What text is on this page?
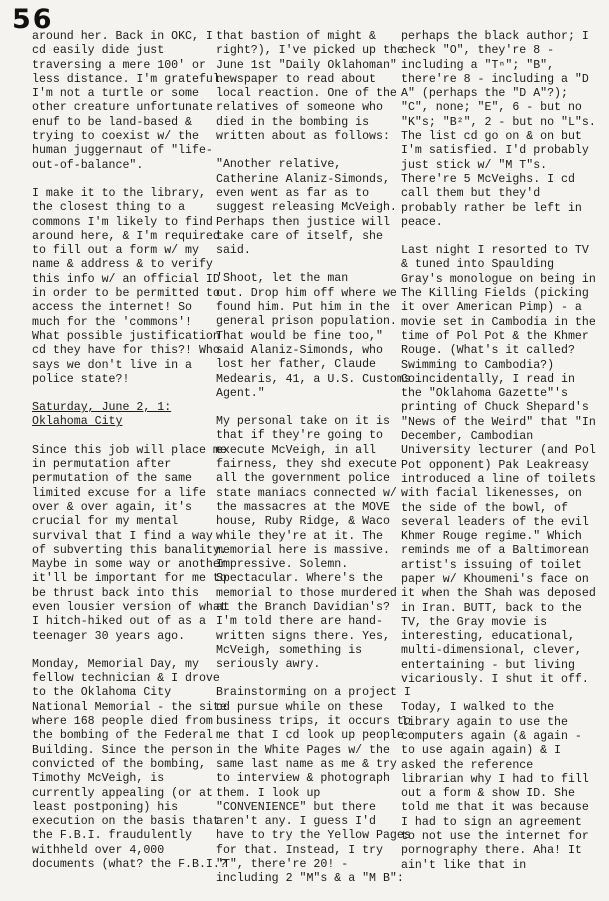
56
around her. Back in OKC, I
cd easily dide just
traversing a mere 100' or
less distance. I'm grateful
I'm not a turtle or some
other creature unfortunate
enuf to be land-based &
trying to coexist w/ the
human juggernaut of "life-
out-of-balance".
I make it to the library,
the closest thing to a
commons I'm likely to find
around here, & I'm required
to fill out a form w/ my
name & address & to verify
this info w/ an official ID
in order to be permitted to
access the internet! So
much for the 'commons'!
What possible justification
cd they have for this?! Who
says we don't live in a
police state?!
Saturday, June 2, 1:
Oklahoma City
Since this job will place me
in permutation after
permutation of the same
limited excuse for a life
over & over again, it's
crucial for my mental
survival that I find a way
of subverting this banality.
Maybe in some way or another
it'll be important for me to
be thrust back into this
even lousier version of what
I hitch-hiked out of as a
teenager 30 years ago.
Monday, Memorial Day, my
fellow technician & I drove
to the Oklahoma City
National Memorial - the site
where 168 people died from
the bombing of the Federal
Building. Since the person
convicted of the bombing,
Timothy McVeigh, is
currently appealing (or at
least postponing) his
execution on the basis that
the F.B.I. fraudulently
withheld over 4,000
documents (what? the F.B.I.?
that bastion of might &
right?), I've picked up the
June 1st "Daily Oklahoman"
newspaper to read about
local reaction. One of the
relatives of someone who
died in the bombing is
written about as follows:
"Another relative,
Catherine Alaniz-Simonds,
even went as far as to
suggest releasing McVeigh.
Perhaps then justice will
take care of itself, she
said.
'Shoot, let the man
out. Drop him off where we
found him. Put him in the
general prison population.
That would be fine too,"
said Alaniz-Simonds, who
lost her father, Claude
Medearis, 41, a U.S. Customs
Agent."
My personal take on it is
that if they're going to
execute McVeigh, in all
fairness, they shd execute
all the government police
state maniacs connected w/
the massacres at the MOVE
house, Ruby Ridge, & Waco
while they're at it. The
memorial here is massive.
Impressive. Solemn.
Spectacular. Where's the
memorial to those murdered
at the Branch Davidian's?
I'm told there are hand-
written signs there. Yes,
McVeigh, something is
seriously awry.
Brainstorming on a project I
cd pursue while on these
business trips, it occurs to
me that I cd look up people
in the White Pages w/ the
same last name as me & try
to interview & photograph
them. I look up
"CONVENIENCE" but there
aren't any. I guess I'd
have to try the Yellow Pages
for that. Instead, I try
"T", there're 20! -
including 2 "M"s & a "M B":
perhaps the black author; I
check "O", they're 8 -
including a "Tⁿ"; "B",
there're 8 - including a "D
A" (perhaps the "D A"?);
"C", none; "E", 6 - but no
"K"s; "B²", 2 - but no "L"s.
The list cd go on & on but
I'm satisfied. I'd probably
just stick w/ "M T"s.
There're 5 McVeighs. I cd
call them but they'd
probably rather be left in
peace.
Last night I resorted to TV
& tuned into Spaulding
Gray's monologue on being in
The Killing Fields (picking
it over American Pimp) - a
movie set in Cambodia in the
time of Pol Pot & the Khmer
Rouge. (What's it called?
Swimming to Cambodia?)
Coincidentally, I read in
the "Oklahoma Gazette"'s
printing of Chuck Shepard's
"News of the Weird" that "In
December, Cambodian
University lecturer (and Pol
Pot opponent) Pak Leakreasy
introduced a line of toilets
with facial likenesses, on
the side of the bowl, of
several leaders of the evil
Khmer Rouge regime." Which
reminds me of a Baltimorean
artist's issuing of toilet
paper w/ Khoumeni's face on
it when the Shah was deposed
in Iran. BUTT, back to the
TV, the Gray movie is
interesting, educational,
multi-dimensional, clever,
entertaining - but living
vicariously. I shut it off.
Today, I walked to the
library again to use the
computers again (& again -
to use again again) & I
asked the reference
librarian why I had to fill
out a form & show ID. She
told me that it was because
I had to sign an agreement
to not use the internet for
pornography there. Aha! It
ain't like that in
